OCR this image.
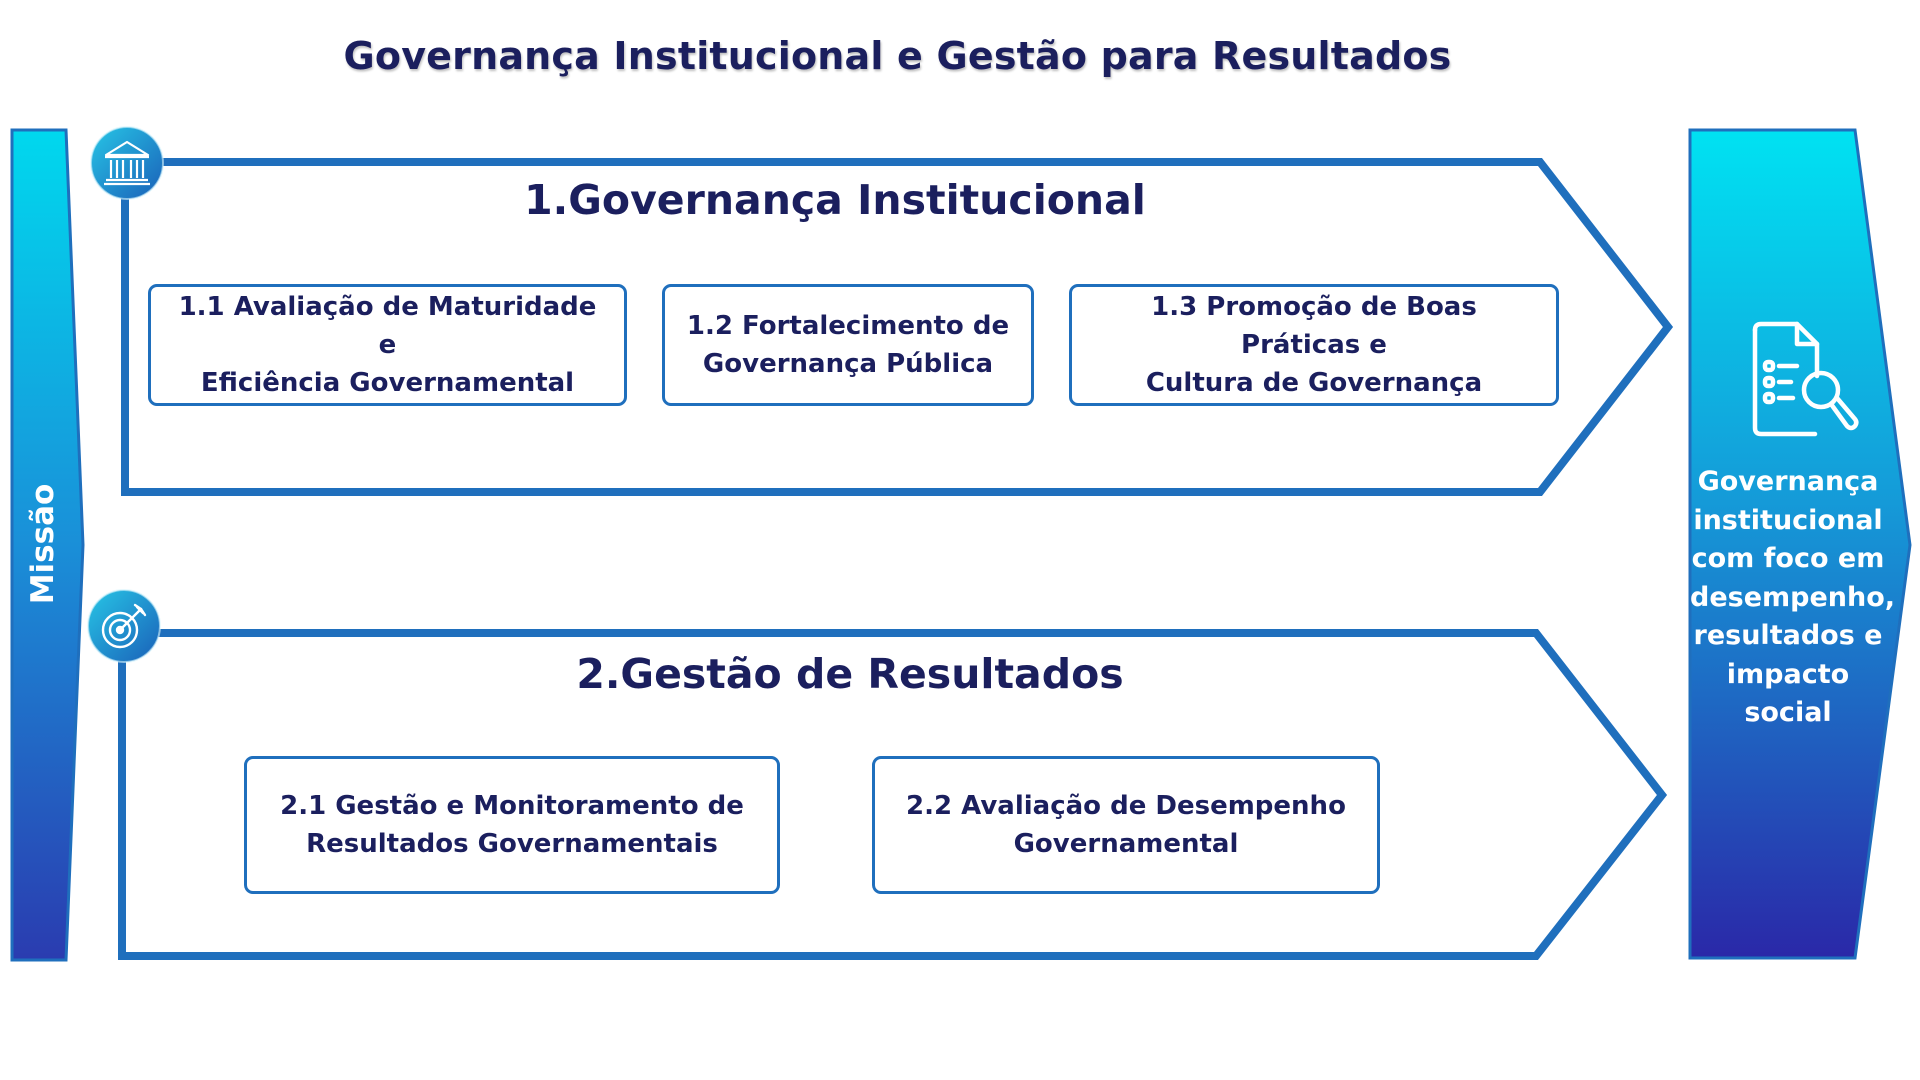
Governança Institucional e Gestão para Resultados
Missão
1.Governança Institucional
1.1 Avaliação de Maturidade e
Eficiência Governamental
1.2 Fortalecimento de
Governança Pública
1.3 Promoção de Boas Práticas e
Cultura de Governança
2.Gestão de Resultados
2.1 Gestão e Monitoramento de
Resultados Governamentais
2.2 Avaliação de Desempenho
Governamental
Governança
institucional
com foco em
desempenho,
resultados e
impacto social
